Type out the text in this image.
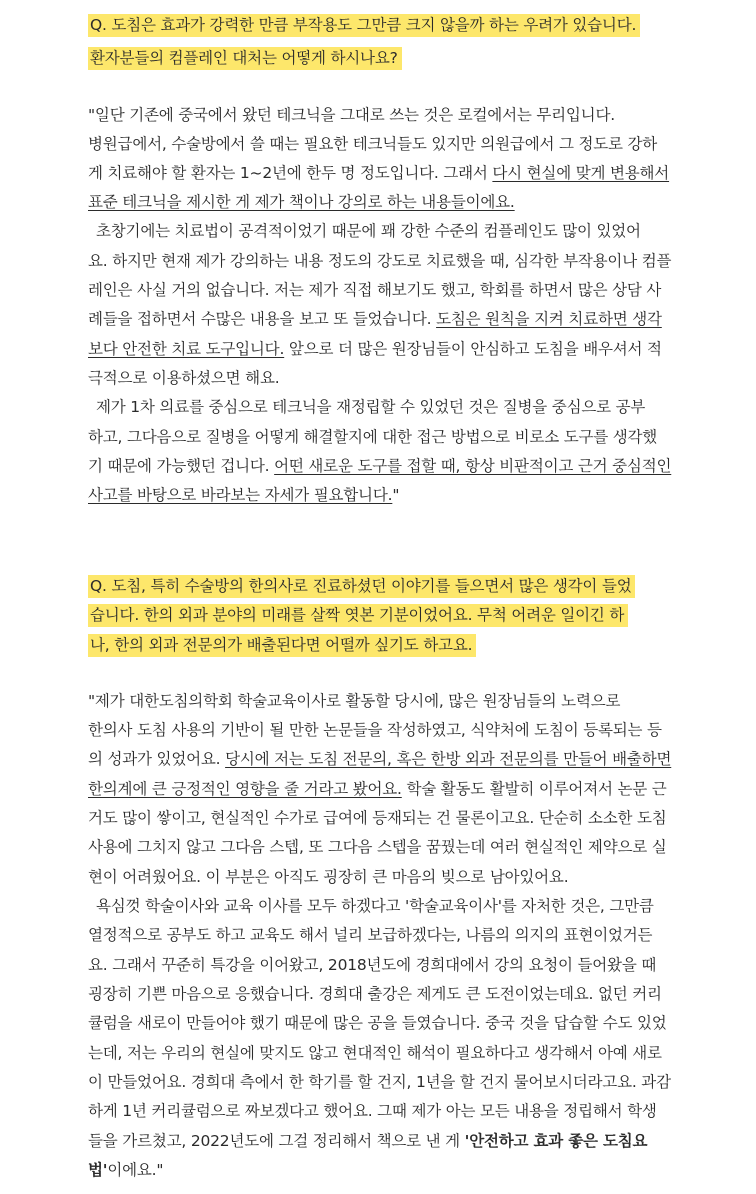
Q. 도침은 효과가 강력한 만큼 부작용도 그만큼 크지 않을까 하는 우려가 있습니다.
환자분들의 컴플레인 대처는 어떻게 하시나요?
"일단 기존에 중국에서 왔던 테크닉을 그대로 쓰는 것은 로컬에서는 무리입니다.
병원급에서, 수술방에서 쓸 때는 필요한 테크닉들도 있지만 의원급에서 그 정도로 강하
게 치료해야 할 환자는 1~2년에 한두 명 정도입니다. 그래서 다시 현실에 맞게 변용해서
표준 테크닉을 제시한 게 제가 책이나 강의로 하는 내용들이에요.
초창기에는 치료법이 공격적이었기 때문에 꽤 강한 수준의 컴플레인도 많이 있었어
요. 하지만 현재 제가 강의하는 내용 정도의 강도로 치료했을 때, 심각한 부작용이나 컴플
레인은 사실 거의 없습니다. 저는 제가 직접 해보기도 했고, 학회를 하면서 많은 상담 사
례들을 접하면서 수많은 내용을 보고 또 들었습니다. 도침은 원칙을 지켜 치료하면 생각
보다 안전한 치료 도구입니다. 앞으로 더 많은 원장님들이 안심하고 도침을 배우셔서 적
극적으로 이용하셨으면 해요.
제가 1차 의료를 중심으로 테크닉을 재정립할 수 있었던 것은 질병을 중심으로 공부
하고, 그다음으로 질병을 어떻게 해결할지에 대한 접근 방법으로 비로소 도구를 생각했
기 때문에 가능했던 겁니다. 어떤 새로운 도구를 접할 때, 항상 비판적이고 근거 중심적인
사고를 바탕으로 바라보는 자세가 필요합니다."
Q. 도침, 특히 수술방의 한의사로 진료하셨던 이야기를 들으면서 많은 생각이 들었
습니다. 한의 외과 분야의 미래를 살짝 엿본 기분이었어요. 무척 어려운 일이긴 하
나, 한의 외과 전문의가 배출된다면 어떨까 싶기도 하고요.
"제가 대한도침의학회 학술교육이사로 활동할 당시에, 많은 원장님들의 노력으로
한의사 도침 사용의 기반이 될 만한 논문들을 작성하였고, 식약처에 도침이 등록되는 등
의 성과가 있었어요. 당시에 저는 도침 전문의, 혹은 한방 외과 전문의를 만들어 배출하면
한의계에 큰 긍정적인 영향을 줄 거라고 봤어요. 학술 활동도 활발히 이루어져서 논문 근
거도 많이 쌓이고, 현실적인 수가로 급여에 등재되는 건 물론이고요. 단순히 소소한 도침
사용에 그치지 않고 그다음 스텝, 또 그다음 스텝을 꿈꿨는데 여러 현실적인 제약으로 실
현이 어려웠어요. 이 부분은 아직도 굉장히 큰 마음의 빚으로 남아있어요.
욕심껏 학술이사와 교육 이사를 모두 하겠다고 '학술교육이사'를 자처한 것은, 그만큼
열정적으로 공부도 하고 교육도 해서 널리 보급하겠다는, 나름의 의지의 표현이었거든
요. 그래서 꾸준히 특강을 이어왔고, 2018년도에 경희대에서 강의 요청이 들어왔을 때
굉장히 기쁜 마음으로 응했습니다. 경희대 출강은 제게도 큰 도전이었는데요. 없던 커리
큘럼을 새로이 만들어야 했기 때문에 많은 공을 들였습니다. 중국 것을 답습할 수도 있었
는데, 저는 우리의 현실에 맞지도 않고 현대적인 해석이 필요하다고 생각해서 아예 새로
이 만들었어요. 경희대 측에서 한 학기를 할 건지, 1년을 할 건지 물어보시더라고요. 과감
하게 1년 커리큘럼으로 짜보겠다고 했어요. 그때 제가 아는 모든 내용을 정립해서 학생
들을 가르쳤고, 2022년도에 그걸 정리해서 책으로 낸 게 '안전하고 효과 좋은 도침요
법'이에요."
